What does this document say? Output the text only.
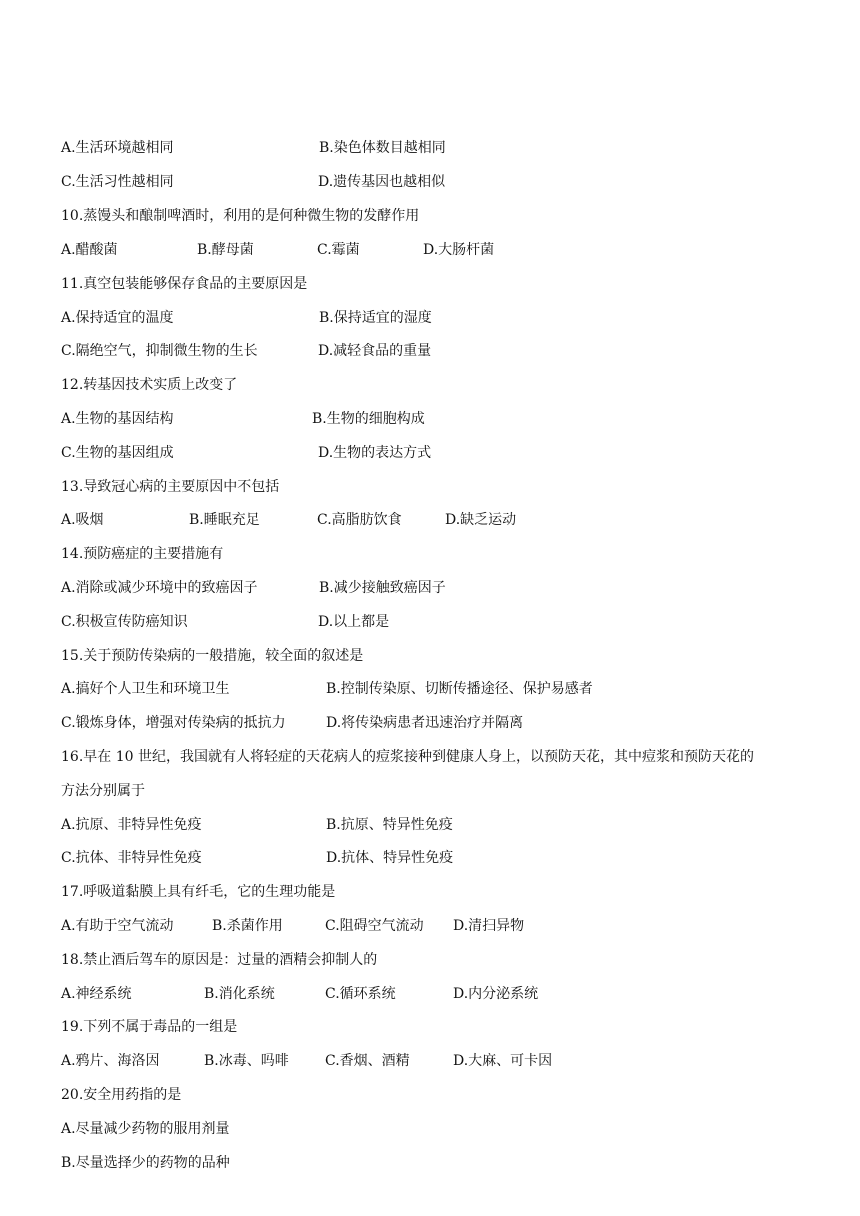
A.生活环境越相同	B.染色体数目越相同
C.生活习性越相同	D.遗传基因也越相似
10.蒸馒头和酿制啤酒时，利用的是何种微生物的发酵作用
A.醋酸菌	B.酵母菌	C.霉菌	D.大肠杆菌
11.真空包装能够保存食品的主要原因是
A.保持适宜的温度	B.保持适宜的湿度
C.隔绝空气，抑制微生物的生长	D.减轻食品的重量
12.转基因技术实质上改变了
A.生物的基因结构	B.生物的细胞构成
C.生物的基因组成	D.生物的表达方式
13.导致冠心病的主要原因中不包括
A.吸烟	B.睡眠充足	C.高脂肪饮食	D.缺乏运动
14.预防癌症的主要措施有
A.消除或减少环境中的致癌因子	B.减少接触致癌因子
C.积极宣传防癌知识	D.以上都是
15.关于预防传染病的一般措施，较全面的叙述是
A.搞好个人卫生和环境卫生	B.控制传染原、切断传播途径、保护易感者
C.锻炼身体，增强对传染病的抵抗力	D.将传染病患者迅速治疗并隔离
16.早在 10 世纪，我国就有人将轻症的天花病人的痘浆接种到健康人身上，以预防天花，其中痘浆和预防天花的
方法分别属于
A.抗原、非特异性免疫	B.抗原、特异性免疫
C.抗体、非特异性免疫	D.抗体、特异性免疫
17.呼吸道黏膜上具有纤毛，它的生理功能是
A.有助于空气流动	B.杀菌作用	C.阻碍空气流动 D.清扫异物
18.禁止酒后驾车的原因是：过量的酒精会抑制人的
A.神经系统	B.消化系统	C.循环系统	D.内分泌系统
19.下列不属于毒品的一组是
A.鸦片、海洛因	B.冰毒、吗啡	C.香烟、酒精	D.大麻、可卡因
20.安全用药指的是
A.尽量减少药物的服用剂量
B.尽量选择少的药物的品种
